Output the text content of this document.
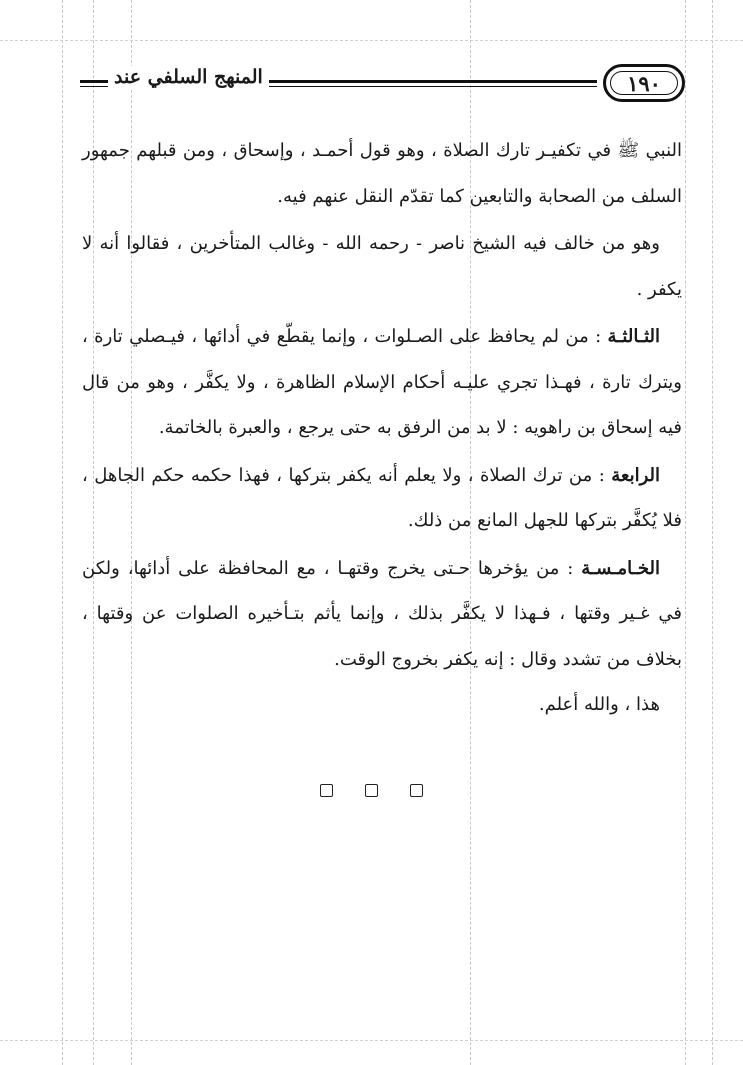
١٩٠
المنهج السلفي عند

النبي ﷺ في تكفيـر تارك الصلاة ، وهو قول أحمـد ، وإسحاق ، ومن قبلهم جمهور السلف من الصحابة والتابعين كما تقدّم النقل عنهم فيه.

وهو من خالف فيه الشيخ ناصر - رحمه الله - وغالب المتأخرين ، فقالوا أنه لا يكفر .

الثـالثـة : من لم يحافظ على الصـلوات ، وإنما يقطّع في أدائها ، فيـصلي تارة ، ويترك تارة ، فهـذا تجري عليـه أحكام الإسلام الظاهرة ، ولا يكفَّر ، وهو من قال فيه إسحاق بن راهويه : لا بد من الرفق به حتى يرجع ، والعبرة بالخاتمة.

الرابعة : من ترك الصلاة ، ولا يعلم أنه يكفر بتركها ، فهذا حكمه حكم الجاهل ، فلا يُكفَّر بتركها للجهل المانع من ذلك.

الخـامـسـة : من يؤخرها حـتى يخرج وقتهـا ، مع المحافظة على أدائها، ولكن في غـير وقتها ، فـهذا لا يكفَّر بذلك ، وإنما يأثم بتـأخيره الصلوات عن وقتها ، بخلاف من تشدد وقال : إنه يكفر بخروج الوقت.

هذا ، والله أعلم.
